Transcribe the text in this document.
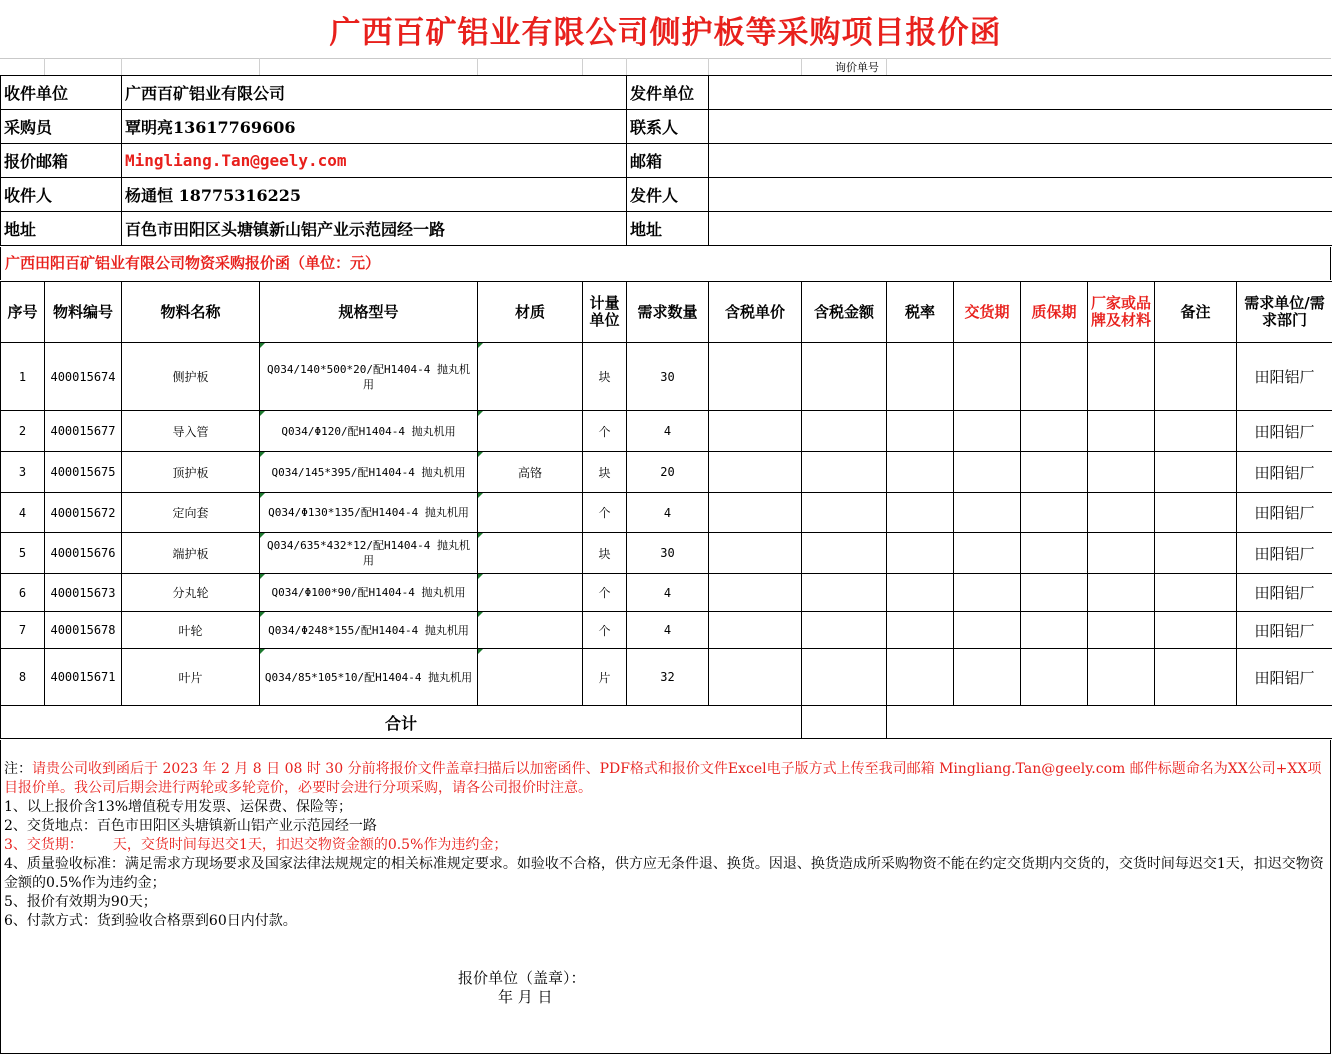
广西百矿铝业有限公司侧护板等采购项目报价函
询价单号
收件单位	广西百矿铝业有限公司	发件单位	
采购员	覃明亮13617769606	联系人	
报价邮箱	Mingliang.Tan@geely.com	邮箱	
收件人	杨通恒 18775316225	发件人	
地址	百色市田阳区头塘镇新山铝产业示范园经一路	地址	
广西田阳百矿铝业有限公司物资采购报价函（单位：元）
序号	物料编号	物料名称	规格型号	材质	计量单位	需求数量	含税单价	含税金额	税率	交货期	质保期	厂家或品牌及材料	备注	需求单位/需求部门
1	400015674	侧护板	Q034/140*500*20/配H1404-4 抛丸机用		块	30								田阳铝厂
2	400015677	导入管	Q034/Φ120/配H1404-4 抛丸机用		个	4								田阳铝厂
3	400015675	顶护板	Q034/145*395/配H1404-4 抛丸机用	高铬	块	20								田阳铝厂
4	400015672	定向套	Q034/Φ130*135/配H1404-4 抛丸机用		个	4								田阳铝厂
5	400015676	端护板	Q034/635*432*12/配H1404-4 抛丸机用		块	30								田阳铝厂
6	400015673	分丸轮	Q034/Φ100*90/配H1404-4 抛丸机用		个	4								田阳铝厂
7	400015678	叶轮	Q034/Φ248*155/配H1404-4 抛丸机用		个	4								田阳铝厂
8	400015671	叶片	Q034/85*105*10/配H1404-4 抛丸机用		片	32								田阳铝厂
合计														
注：请贵公司收到函后于 2023 年 2 月 8 日 08 时 30 分前将报价文件盖章扫描后以加密函件、PDF格式和报价文件Excel电子版方式上传至我司邮箱 Mingliang.Tan@geely.com 邮件标题命名为XX公司+XX项目报价单。我公司后期会进行两轮或多轮竞价，必要时会进行分项采购，请各公司报价时注意。
1、以上报价含13%增值税专用发票、运保费、保险等；
2、交货地点：百色市田阳区头塘镇新山铝产业示范园经一路
3、交货期： 天，交货时间每迟交1天，扣迟交物资金额的0.5%作为违约金；
4、质量验收标准：满足需求方现场要求及国家法律法规规定的相关标准规定要求。如验收不合格，供方应无条件退、换货。因退、换货造成所采购物资不能在约定交货期内交货的，交货时间每迟交1天，扣迟交物资金额的0.5%作为违约金；
5、报价有效期为90天；
6、付款方式：货到验收合格票到60日内付款。
报价单位（盖章）：
年 月 日
